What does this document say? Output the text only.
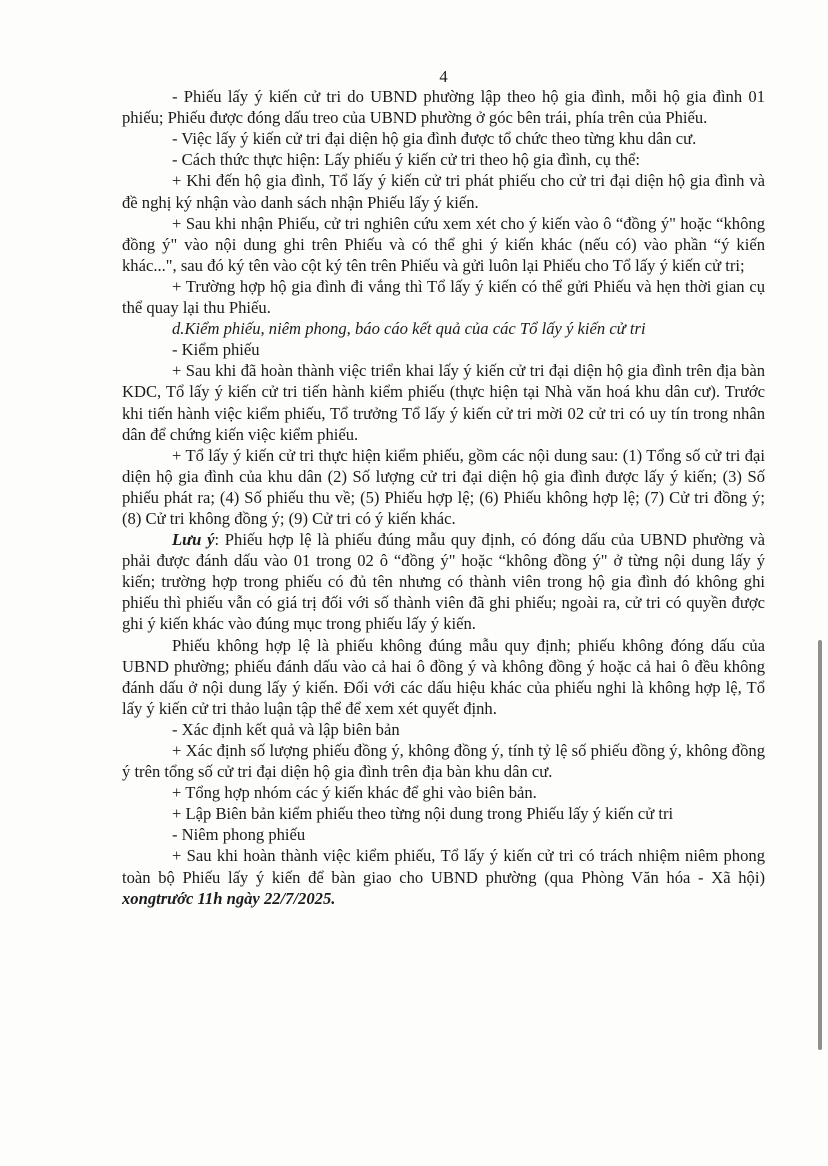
4

- Phiếu lấy ý kiến cử tri do UBND phường lập theo hộ gia đình, mỗi hộ gia đình 01 phiếu; Phiếu được đóng dấu treo của UBND phường ở góc bên trái, phía trên của Phiếu.

- Việc lấy ý kiến cử tri đại diện hộ gia đình được tổ chức theo từng khu dân cư.

- Cách thức thực hiện: Lấy phiếu ý kiến cử tri theo hộ gia đình, cụ thể:

+ Khi đến hộ gia đình, Tổ lấy ý kiến cử tri phát phiếu cho cử tri đại diện hộ gia đình và đề nghị ký nhận vào danh sách nhận Phiếu lấy ý kiến.

+ Sau khi nhận Phiếu, cử tri nghiên cứu xem xét cho ý kiến vào ô “đồng ý" hoặc “không đồng ý" vào nội dung ghi trên Phiếu và có thể ghi ý kiến khác (nếu có) vào phần “ý kiến khác...", sau đó ký tên vào cột ký tên trên Phiếu và gửi luôn lại Phiếu cho Tổ lấy ý kiến cử tri;

+ Trường hợp hộ gia đình đi vắng thì Tổ lấy ý kiến có thể gửi Phiếu và hẹn thời gian cụ thể quay lại thu Phiếu.

d.Kiểm phiếu, niêm phong, báo cáo kết quả của các Tổ lấy ý kiến cử tri

- Kiểm phiếu

+ Sau khi đã hoàn thành việc triển khai lấy ý kiến cử tri đại diện hộ gia đình trên địa bàn KDC, Tổ lấy ý kiến cử tri tiến hành kiểm phiếu (thực hiện tại Nhà văn hoá khu dân cư). Trước khi tiến hành việc kiểm phiếu, Tổ trưởng Tổ lấy ý kiến cử tri mời 02 cử tri có uy tín trong nhân dân để chứng kiến việc kiểm phiếu.

+ Tổ lấy ý kiến cử tri thực hiện kiểm phiếu, gồm các nội dung sau: (1) Tổng số cử tri đại diện hộ gia đình của khu dân (2) Số lượng cử tri đại diện hộ gia đình được lấy ý kiến; (3) Số phiếu phát ra; (4) Số phiếu thu về; (5) Phiếu hợp lệ; (6) Phiếu không hợp lệ; (7) Cử tri đồng ý; (8) Cử tri không đồng ý; (9) Cử tri có ý kiến khác.

Lưu ý: Phiếu hợp lệ là phiếu đúng mẫu quy định, có đóng dấu của UBND phường và phải được đánh dấu vào 01 trong 02 ô “đồng ý" hoặc “không đồng ý" ở từng nội dung lấy ý kiến; trường hợp trong phiếu có đủ tên nhưng có thành viên trong hộ gia đình đó không ghi phiếu thì phiếu vẫn có giá trị đối với số thành viên đã ghi phiếu; ngoài ra, cử tri có quyền được ghi ý kiến khác vào đúng mục trong phiếu lấy ý kiến.

Phiếu không hợp lệ là phiếu không đúng mẫu quy định; phiếu không đóng dấu của UBND phường; phiếu đánh dấu vào cả hai ô đồng ý và không đồng ý hoặc cả hai ô đều không đánh dấu ở nội dung lấy ý kiến. Đối với các dấu hiệu khác của phiếu nghi là không hợp lệ, Tổ lấy ý kiến cử tri thảo luận tập thể để xem xét quyết định.

- Xác định kết quả và lập biên bản

+ Xác định số lượng phiếu đồng ý, không đồng ý, tính tỷ lệ số phiếu đồng ý, không đồng ý trên tổng số cử tri đại diện hộ gia đình trên địa bàn khu dân cư.

+ Tổng hợp nhóm các ý kiến khác để ghi vào biên bản.

+ Lập Biên bản kiểm phiếu theo từng nội dung trong Phiếu lấy ý kiến cử tri

- Niêm phong phiếu

+ Sau khi hoàn thành việc kiểm phiếu, Tổ lấy ý kiến cử tri có trách nhiệm niêm phong toàn bộ Phiếu lấy ý kiến để bàn giao cho UBND phường (qua Phòng Văn hóa - Xã hội) xongtrước 11h ngày 22/7/2025.
